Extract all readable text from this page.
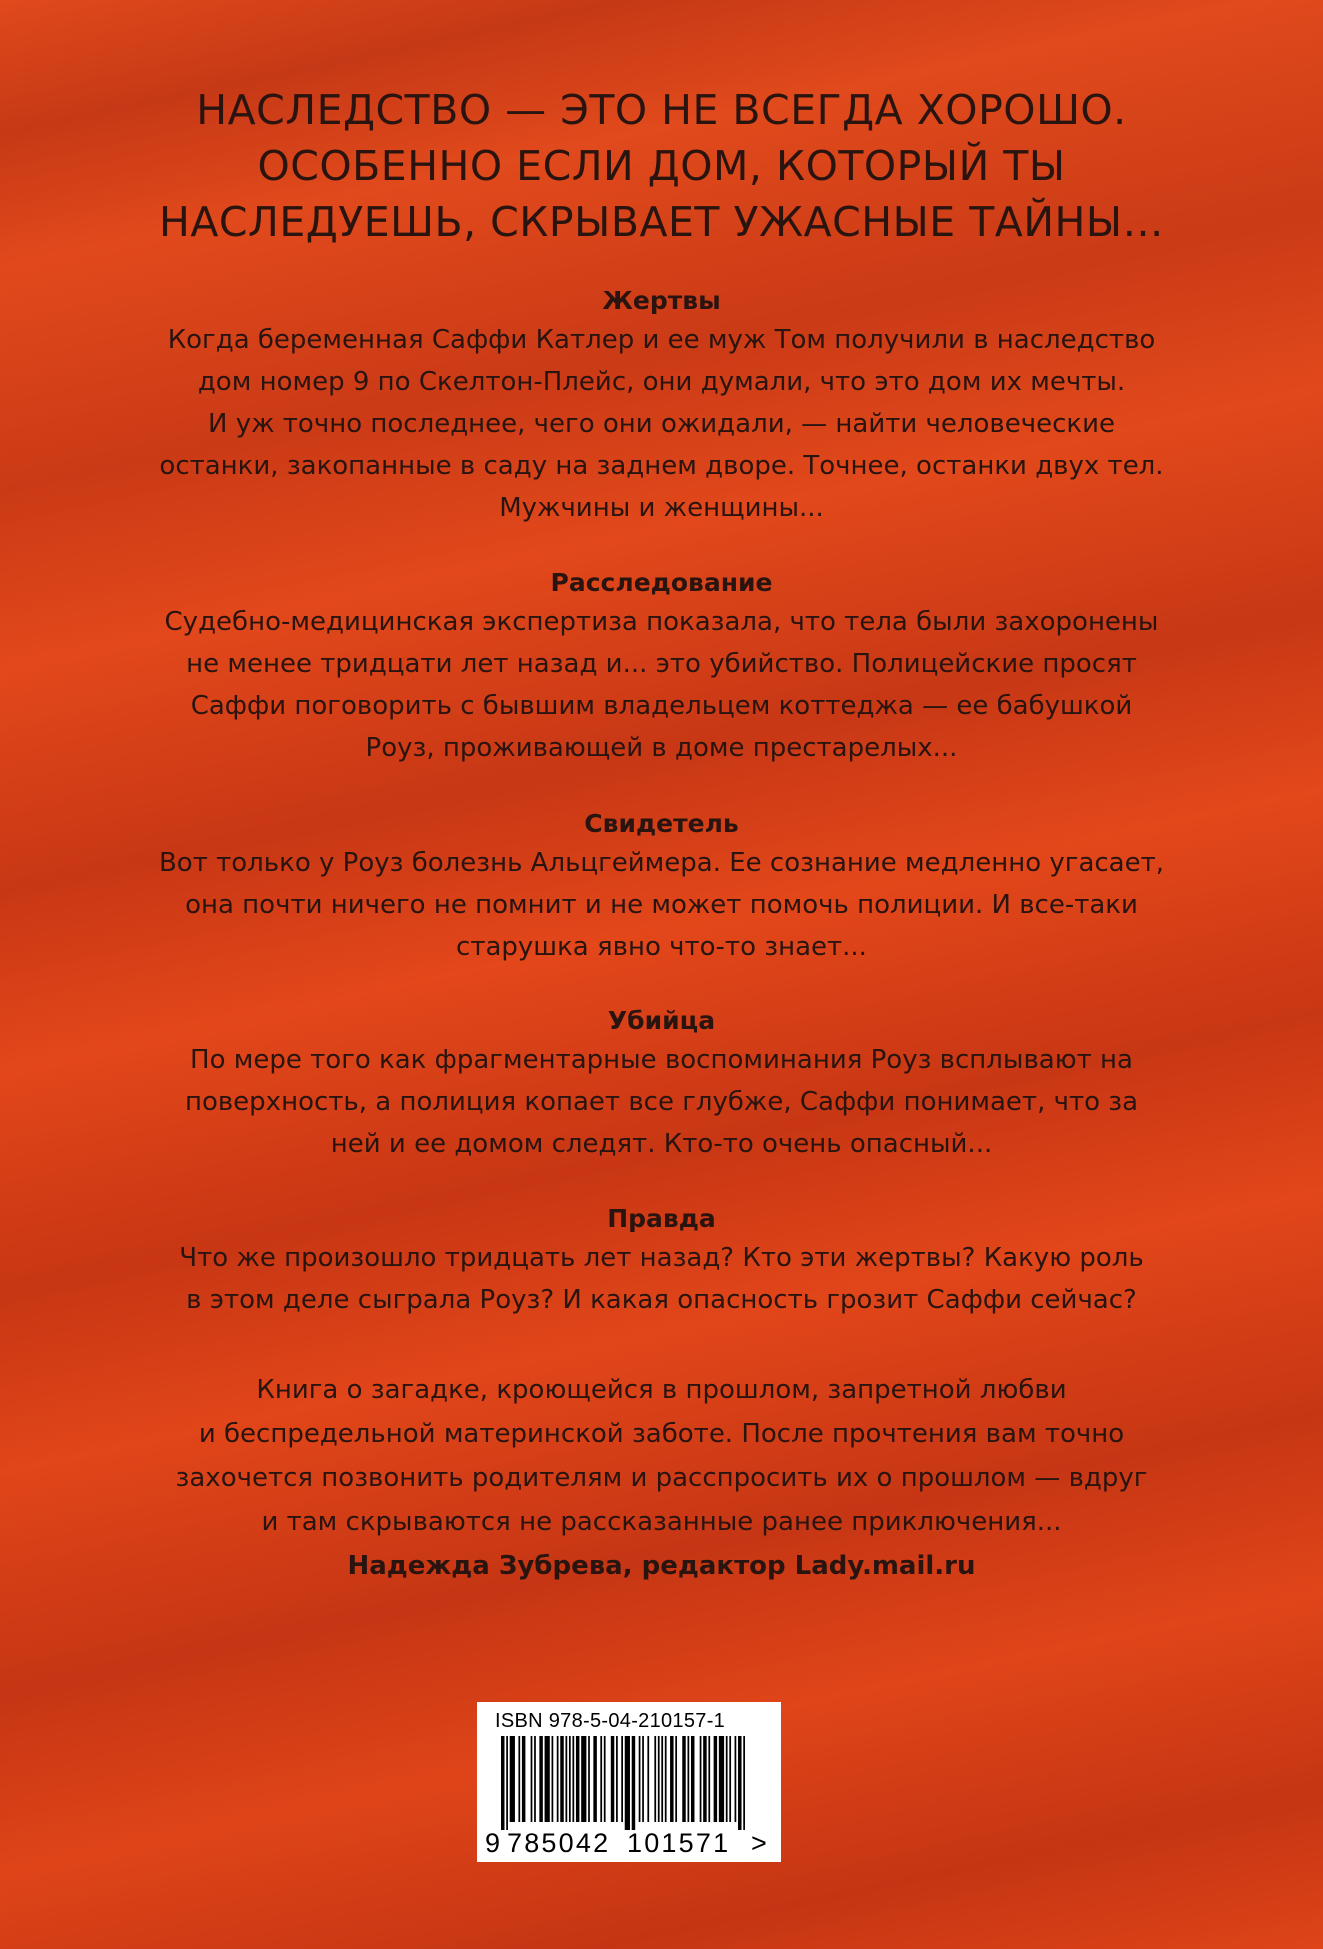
НАСЛЕДСТВО — ЭТО НЕ ВСЕГДА ХОРОШО.
ОСОБЕННО ЕСЛИ ДОМ, КОТОРЫЙ ТЫ
НАСЛЕДУЕШЬ, СКРЫВАЕТ УЖАСНЫЕ ТАЙНЫ…
Жертвы
Когда беременная Саффи Катлер и ее муж Том получили в наследство
дом номер 9 по Скелтон-Плейс, они думали, что это дом их мечты.
И уж точно последнее, чего они ожидали, — найти человеческие
останки, закопанные в саду на заднем дворе. Точнее, останки двух тел.
Мужчины и женщины...
Расследование
Судебно-медицинская экспертиза показала, что тела были захоронены
не менее тридцати лет назад и... это убийство. Полицейские просят
Саффи поговорить с бывшим владельцем коттеджа — ее бабушкой
Роуз, проживающей в доме престарелых...
Свидетель
Вот только у Роуз болезнь Альцгеймера. Ее сознание медленно угасает,
она почти ничего не помнит и не может помочь полиции. И все-таки
старушка явно что-то знает...
Убийца
По мере того как фрагментарные воспоминания Роуз всплывают на
поверхность, а полиция копает все глубже, Саффи понимает, что за
ней и ее домом следят. Кто-то очень опасный...
Правда
Что же произошло тридцать лет назад? Кто эти жертвы? Какую роль
в этом деле сыграла Роуз? И какая опасность грозит Саффи сейчас?
Книга о загадке, кроющейся в прошлом, запретной любви
и беспредельной материнской заботе. После прочтения вам точно
захочется позвонить родителям и расспросить их о прошлом — вдруг
и там скрываются не рассказанные ранее приключения...
Надежда Зубрева, редактор Lady.mail.ru
ISBN 978-5-04-210157-1
9 785042 101571 >
